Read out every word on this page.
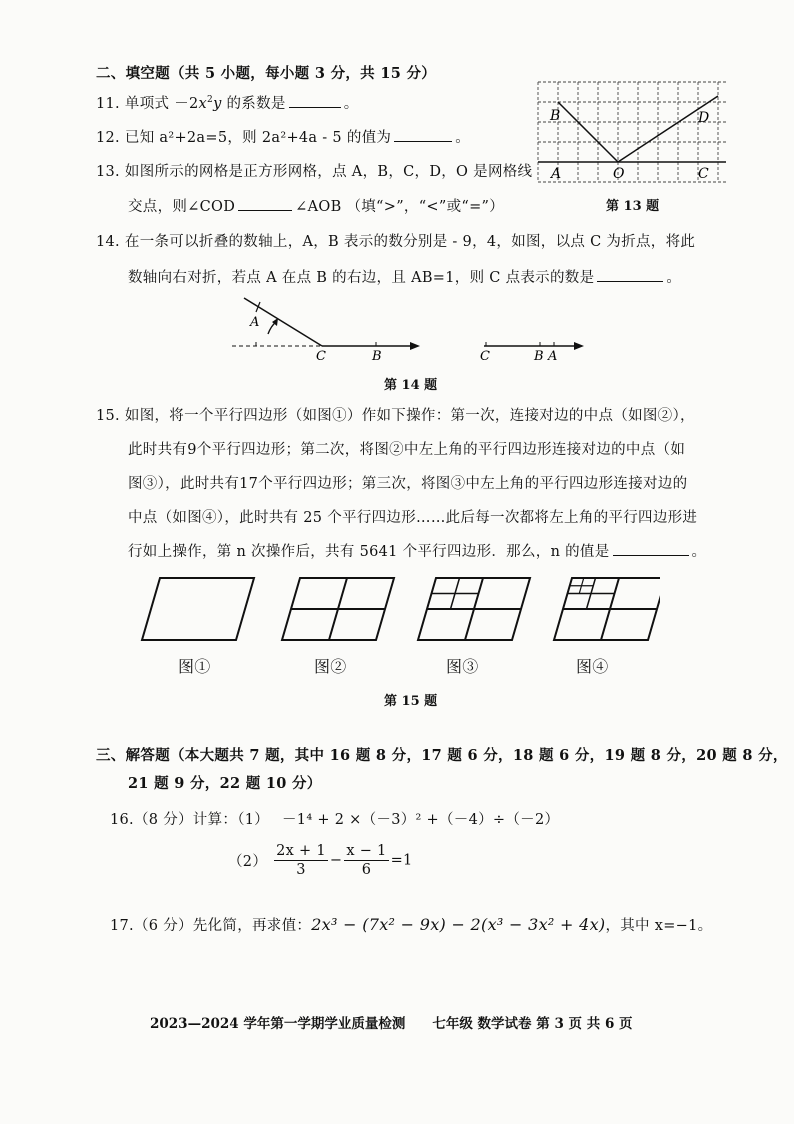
二、填空题（共 5 小题，每小题 3 分，共 15 分）
11. 单项式 $-2x^2y$ 的系数是	。
12. 已知 a²+2a=5，则 2a²+4a - 5 的值为	。
13. 如图所示的网格是正方形网格，点 A，B，C，D，O 是网格线
交点，则∠COD	∠AOB （填“>”，“<”或“=”）
A
B
O	C
D
第 13 题
14. 在一条可以折叠的数轴上，A，B 表示的数分别是 - 9，4，如图，以点 C 为折点，将此
数轴向右对折，若点 A 在点 B 的右边，且 AB=1，则 C 点表示的数是	。
A
C	B	C	B A
第 14 题
15. 如图，将一个平行四边形（如图①）作如下操作：第一次，连接对边的中点（如图②），
此时共有9个平行四边形；第二次，将图②中左上角的平行四边形连接对边的中点（如
图③），此时共有17个平行四边形；第三次，将图③中左上角的平行四边形连接对边的
中点（如图④），此时共有 25 个平行四边形……此后每一次都将左上角的平行四边形进
行如上操作，第 n 次操作后，共有 5641 个平行四边形．那么，n 的值是	。
图①	图②	图③	图④
第 15 题
三、解答题（本大题共 7 题，其中 16 题 8 分，17 题 6 分，18 题 6 分，19 题 8 分，20 题 8 分，
21 题 9 分，22 题 10 分）
16.（8 分）计算：（1） －1⁴ + 2 ×（－3）² +（－4）÷（－2）
$(2) \frac{2x + 1}{3} - \frac{x - 1}{6} =1$
17.（6 分）先化简，再求值：2x³ − (7x² − 9x) − 2(x³ − 3x² + 4x)，其中 x=−1。
2023—2024 学年第一学期学业质量检测　　七年级 数学试卷 第 3 页 共 6 页
